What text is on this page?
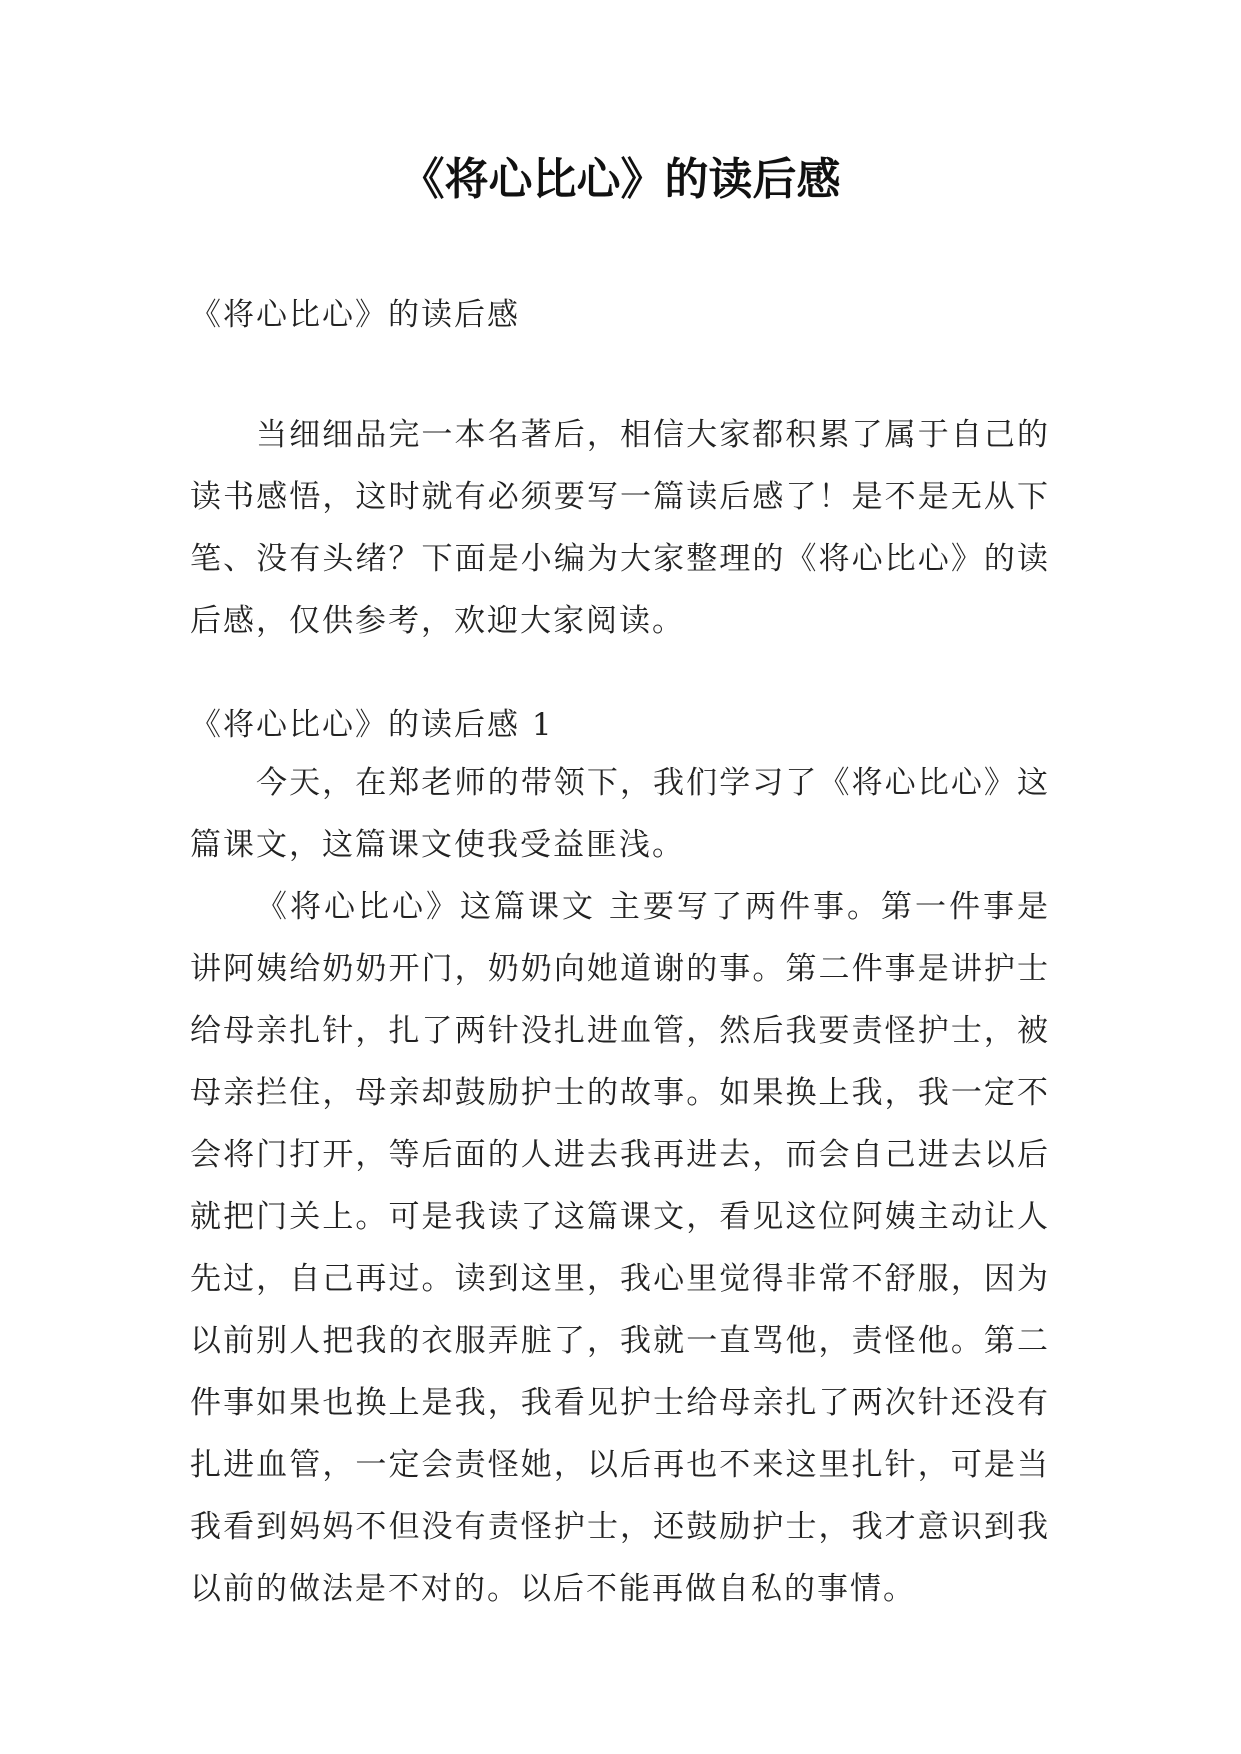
《将心比心》的读后感
《将心比心》的读后感
当细细品完一本名著后，相信大家都积累了属于自己的读书感悟，这时就有必须要写一篇读后感了！是不是无从下笔、没有头绪？下面是小编为大家整理的《将心比心》的读后感，仅供参考，欢迎大家阅读。
《将心比心》的读后感 1
今天，在郑老师的带领下，我们学习了《将心比心》这篇课文，这篇课文使我受益匪浅。
《将心比心》这篇课文 主要写了两件事。第一件事是讲阿姨给奶奶开门，奶奶向她道谢的事。第二件事是讲护士给母亲扎针，扎了两针没扎进血管，然后我要责怪护士，被母亲拦住，母亲却鼓励护士的故事。如果换上我，我一定不会将门打开，等后面的人进去我再进去，而会自己进去以后就把门关上。可是我读了这篇课文，看见这位阿姨主动让人先过，自己再过。读到这里，我心里觉得非常不舒服，因为以前别人把我的衣服弄脏了，我就一直骂他，责怪他。第二件事如果也换上是我，我看见护士给母亲扎了两次针还没有扎进血管，一定会责怪她，以后再也不来这里扎针，可是当我看到妈妈不但没有责怪护士，还鼓励护士，我才意识到我以前的做法是不对的。以后不能再做自私的事情。
